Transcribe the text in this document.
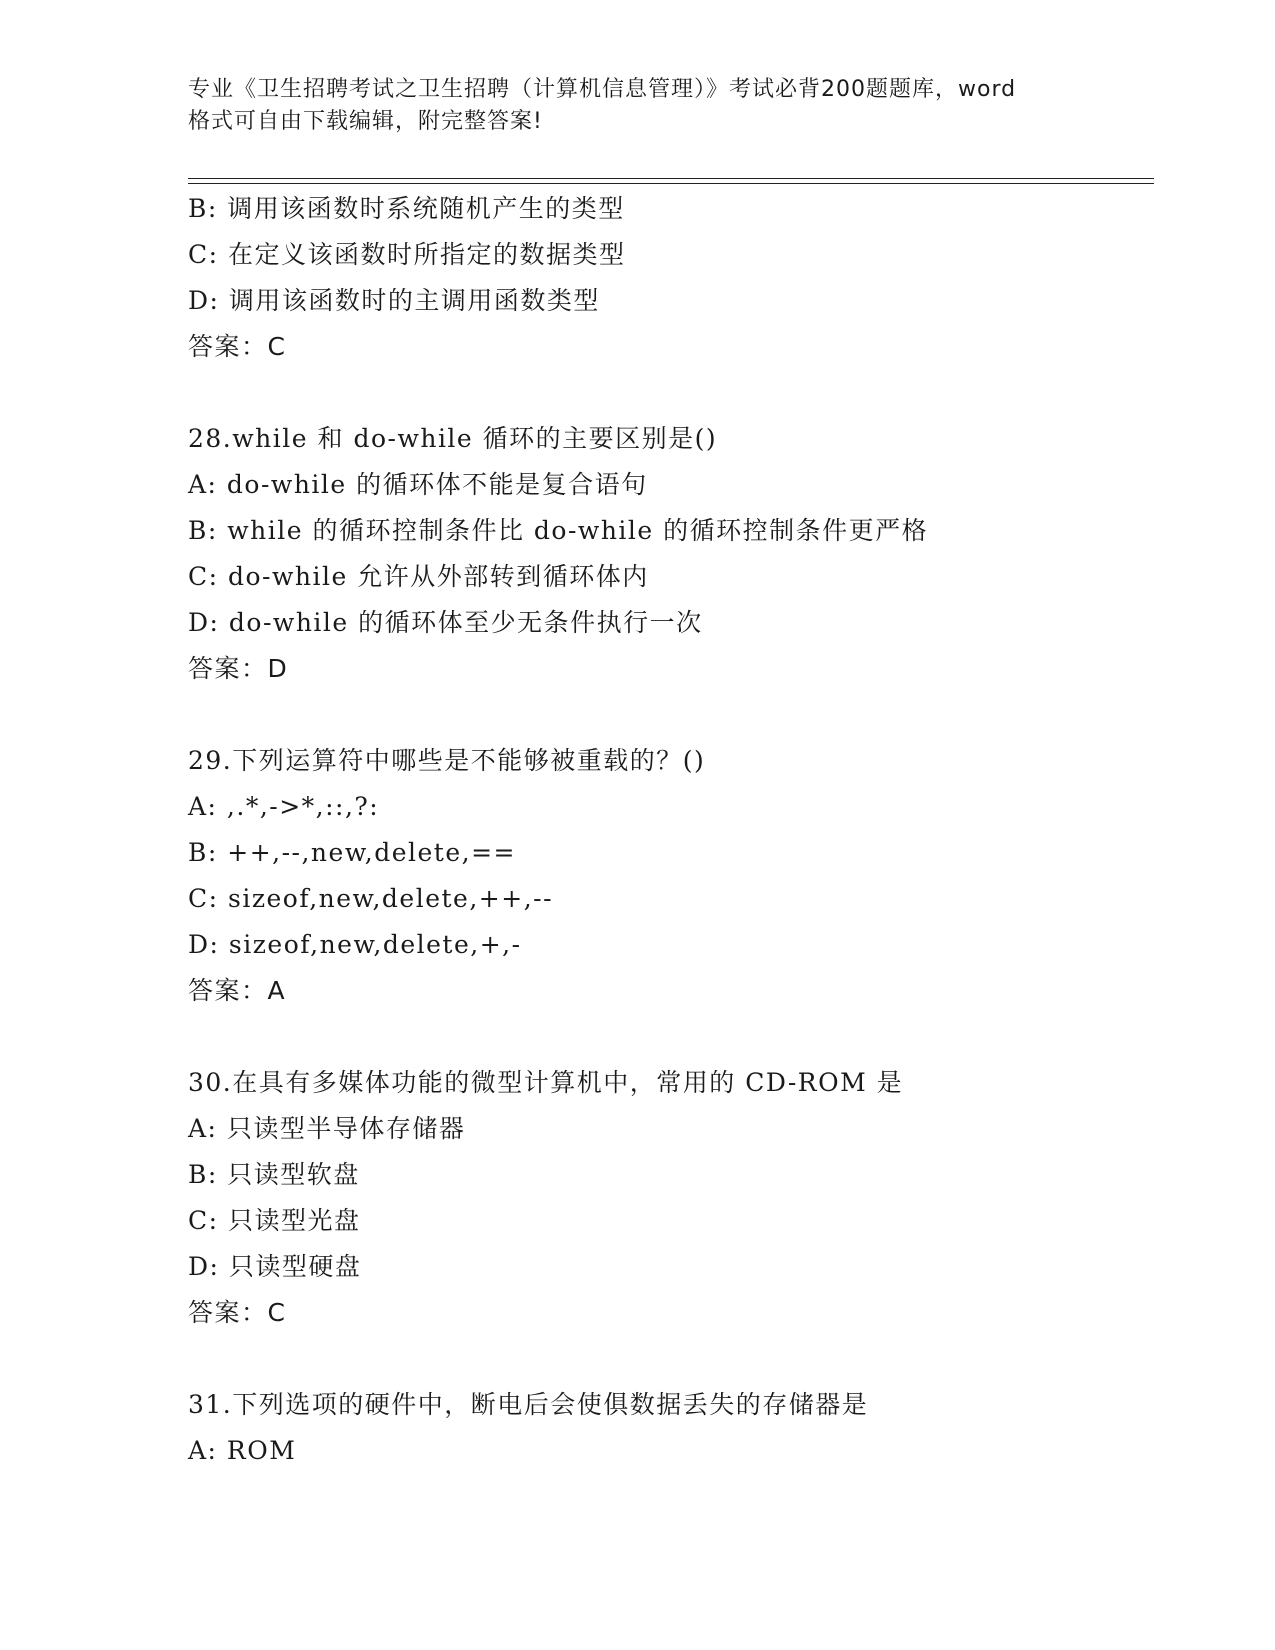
专业《卫生招聘考试之卫生招聘（计算机信息管理）》考试必背200题题库，word
格式可自由下载编辑，附完整答案!
B: 调用该函数时系统随机产生的类型
C: 在定义该函数时所指定的数据类型
D: 调用该函数时的主调用函数类型
答案：C
28.while 和 do-while 循环的主要区别是()
A: do-while 的循环体不能是复合语句
B: while 的循环控制条件比 do-while 的循环控制条件更严格
C: do-while 允许从外部转到循环体内
D: do-while 的循环体至少无条件执行一次
答案：D
29.下列运算符中哪些是不能够被重载的？()
A: ,.*,->*,::,?:
B: ++,--,new,delete,==
C: sizeof,new,delete,++,--
D: sizeof,new,delete,+,-
答案：A
30.在具有多媒体功能的微型计算机中，常用的 CD-ROM 是
A: 只读型半导体存储器
B: 只读型软盘
C: 只读型光盘
D: 只读型硬盘
答案：C
31.下列选项的硬件中，断电后会使俱数据丢失的存储器是
A: ROM
